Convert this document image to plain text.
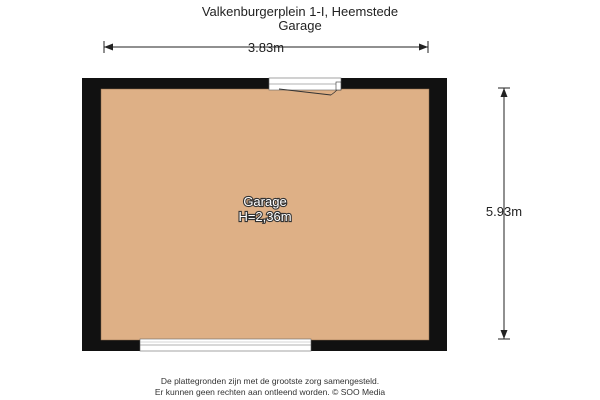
Valkenburgerplein 1-I, Heemstede
Garage
3.83m
5.93m
Garage
H=2,36m
De plattegronden zijn met de grootste zorg samengesteld.
Er kunnen geen rechten aan ontleend worden. © SOO Media
